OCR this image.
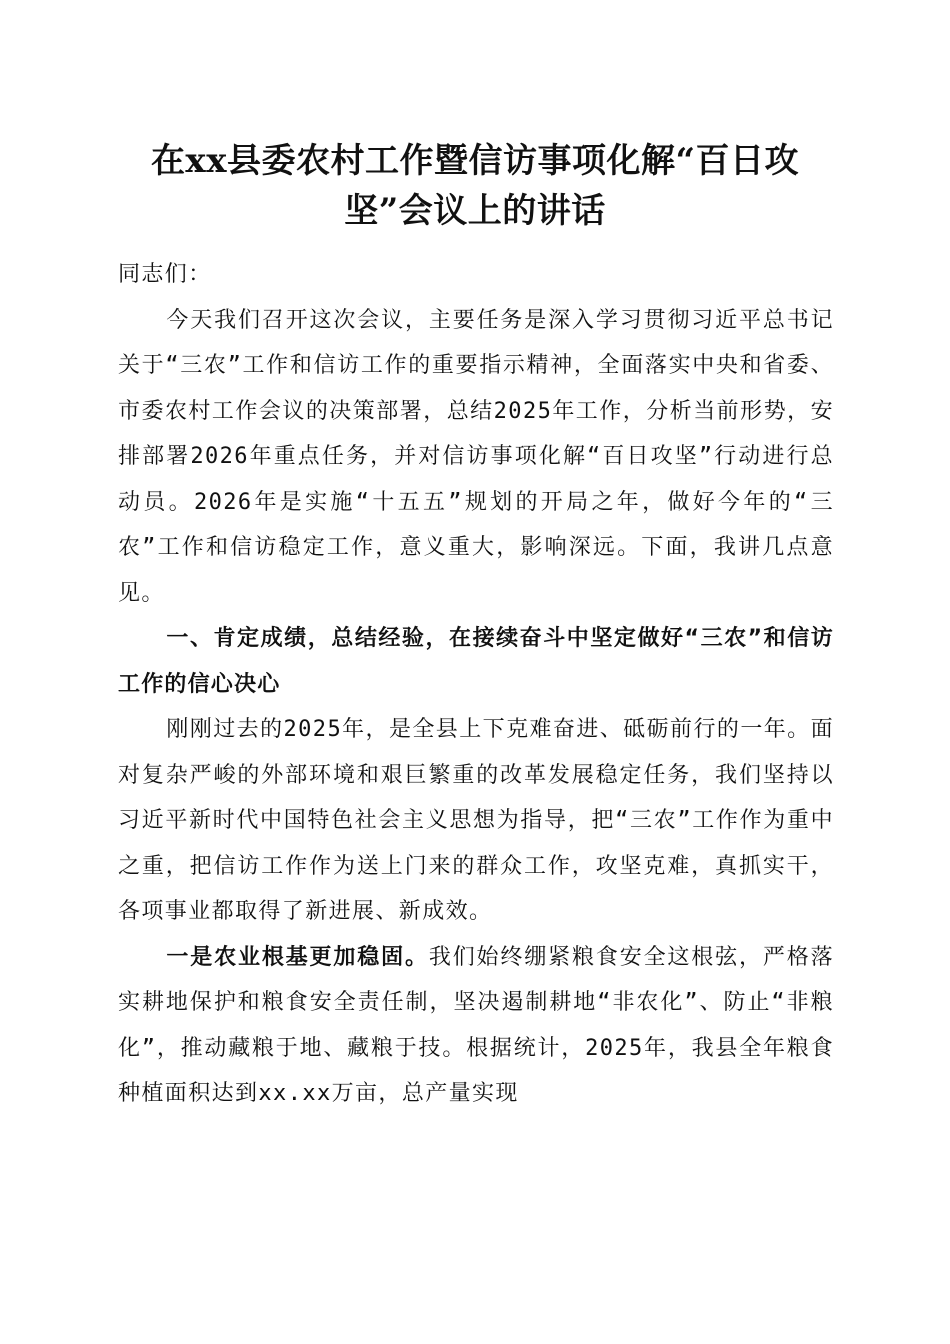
在xx县委农村工作暨信访事项化解“百日攻坚”会议上的讲话

同志们：

今天我们召开这次会议，主要任务是深入学习贯彻习近平总书记关于“三农”工作和信访工作的重要指示精神，全面落实中央和省委、市委农村工作会议的决策部署，总结2025年工作，分析当前形势，安排部署2026年重点任务，并对信访事项化解“百日攻坚”行动进行总动员。2026年是实施“十五五”规划的开局之年，做好今年的“三农”工作和信访稳定工作，意义重大，影响深远。下面，我讲几点意见。

一、肯定成绩，总结经验，在接续奋斗中坚定做好“三农”和信访工作的信心决心

刚刚过去的2025年，是全县上下克难奋进、砥砺前行的一年。面对复杂严峻的外部环境和艰巨繁重的改革发展稳定任务，我们坚持以习近平新时代中国特色社会主义思想为指导，把“三农”工作作为重中之重，把信访工作作为送上门来的群众工作，攻坚克难，真抓实干，各项事业都取得了新进展、新成效。

一是农业根基更加稳固。我们始终绷紧粮食安全这根弦，严格落实耕地保护和粮食安全责任制，坚决遏制耕地“非农化”、防止“非粮化”，推动藏粮于地、藏粮于技。根据统计，2025年，我县全年粮食种植面积达到xx.xx万亩，总产量实现
